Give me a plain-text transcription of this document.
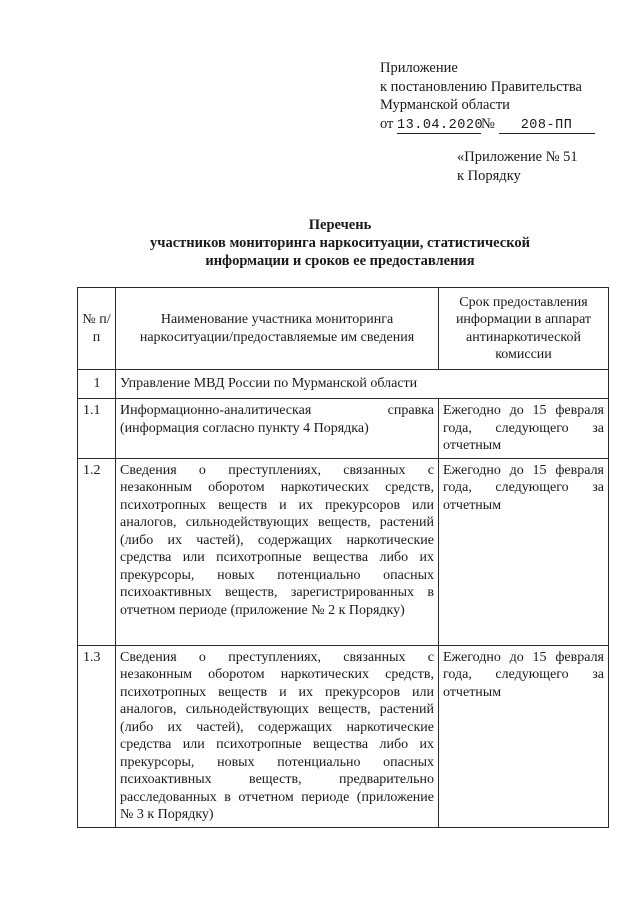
Приложение
к постановлению Правительства
Мурманской области
от 13.04.2020№ 208-ПП
«Приложение № 51
к Порядку
Перечень
участников мониторинга наркоситуации, статистической
информации и сроков ее предоставления
№ п/п	Наименование участника мониторинга наркоситуации/предоставляемые им сведения	Срок предоставления информации в аппарат антинаркотической комиссии
1	Управление МВД России по Мурманской области	
1.1	Информационно-аналитическая справка (информация согласно пункту 4 Порядка)	Ежегодно до 15 февраля года, следующего за отчетным
1.2	Сведения о преступлениях, связанных с незаконным оборотом наркотических средств, психотропных веществ и их прекурсоров или аналогов, сильнодействующих веществ, растений (либо их частей), содержащих наркотические средства или психотропные вещества либо их прекурсоры, новых потенциально опасных психоактивных веществ, зарегистрированных в отчетном периоде (приложение № 2 к Порядку)	Ежегодно до 15 февраля года, следующего за отчетным
1.3	Сведения о преступлениях, связанных с незаконным оборотом наркотических средств, психотропных веществ и их прекурсоров или аналогов, сильнодействующих веществ, растений (либо их частей), содержащих наркотические средства или психотропные вещества либо их прекурсоры, новых потенциально опасных психоактивных веществ, предварительно расследованных в отчетном периоде (приложение № 3 к Порядку)	Ежегодно до 15 февраля года, следующего за отчетным
